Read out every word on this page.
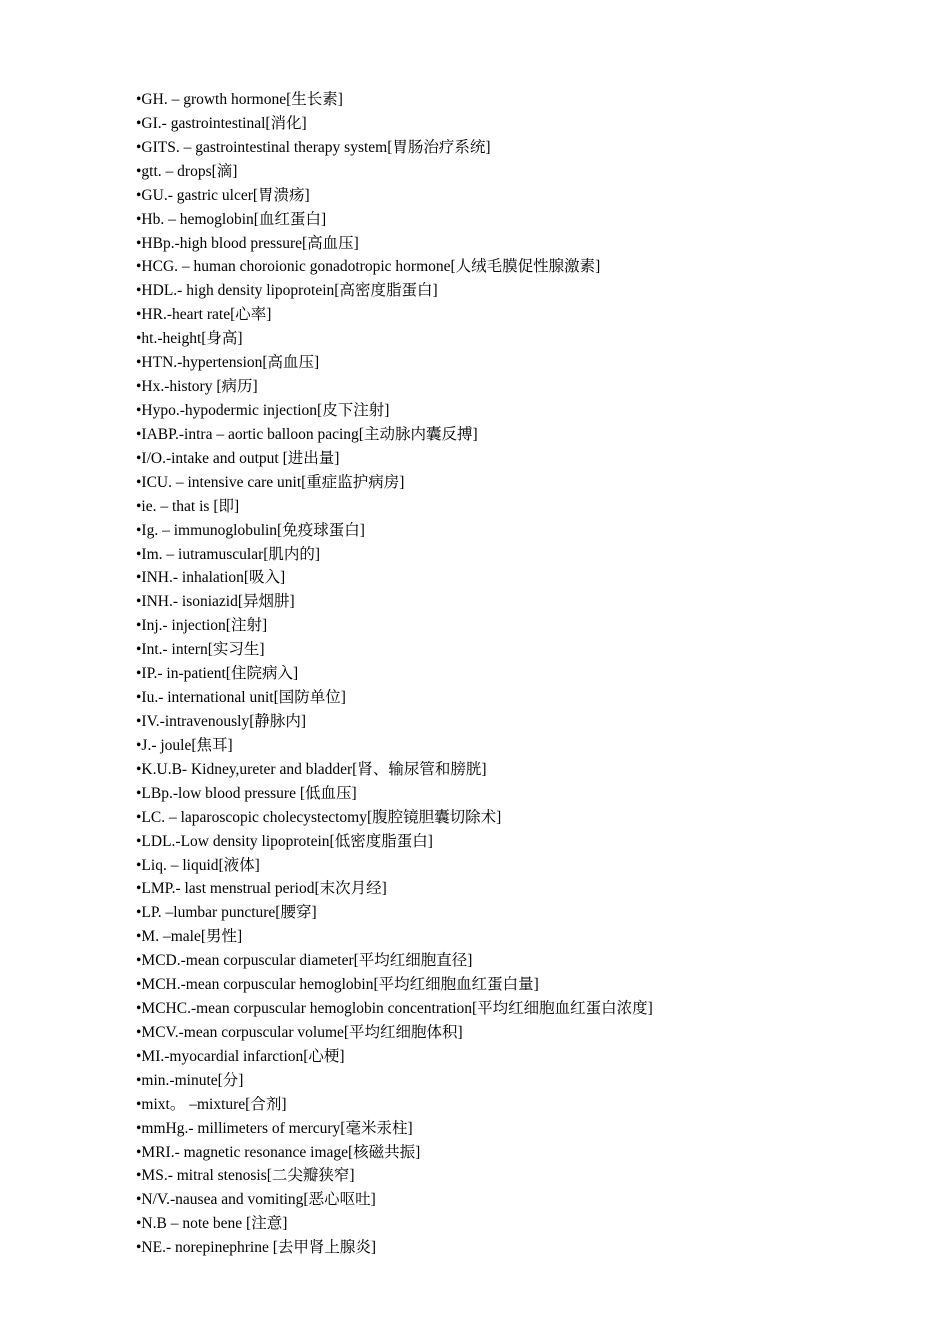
•GH. – growth hormone[生长素]
•GI.- gastrointestinal[消化]
•GITS. – gastrointestinal therapy system[胃肠治疗系统]
•gtt. – drops[滴]
•GU.- gastric ulcer[胃溃疡]
•Hb. – hemoglobin[血红蛋白]
•HBp.-high blood pressure[高血压]
•HCG. – human choroionic gonadotropic hormone[人绒毛膜促性腺激素]
•HDL.- high density lipoprotein[高密度脂蛋白]
•HR.-heart rate[心率]
•ht.-height[身高]
•HTN.-hypertension[高血压]
•Hx.-history [病历]
•Hypo.-hypodermic injection[皮下注射]
•IABP.-intra – aortic balloon pacing[主动脉内囊反搏]
•I/O.-intake and output [进出量]
•ICU. – intensive care unit[重症监护病房]
•ie. – that is [即]
•Ig. – immunoglobulin[免疫球蛋白]
•Im. – iutramuscular[肌内的]
•INH.- inhalation[吸入]
•INH.- isoniazid[异烟肼]
•Inj.- injection[注射]
•Int.- intern[实习生]
•IP.- in-patient[住院病入]
•Iu.- international unit[国防单位]
•IV.-intravenously[静脉内]
•J.- joule[焦耳]
•K.U.B- Kidney,ureter and bladder[肾、输尿管和膀胱]
•LBp.-low blood pressure [低血压]
•LC. – laparoscopic cholecystectomy[腹腔镜胆囊切除术]
•LDL.-Low density lipoprotein[低密度脂蛋白]
•Liq. – liquid[液体]
•LMP.- last menstrual period[末次月经]
•LP. –lumbar puncture[腰穿]
•M. –male[男性]
•MCD.-mean corpuscular diameter[平均红细胞直径]
•MCH.-mean corpuscular hemoglobin[平均红细胞血红蛋白量]
•MCHC.-mean corpuscular hemoglobin concentration[平均红细胞血红蛋白浓度]
•MCV.-mean corpuscular volume[平均红细胞体积]
•MI.-myocardial infarction[心梗]
•min.-minute[分]
•mixt。 –mixture[合剂]
•mmHg.- millimeters of mercury[毫米汞柱]
•MRI.- magnetic resonance image[核磁共振]
•MS.- mitral stenosis[二尖瓣狭窄]
•N/V.-nausea and vomiting[恶心呕吐]
•N.B – note bene [注意]
•NE.- norepinephrine [去甲肾上腺炎]
